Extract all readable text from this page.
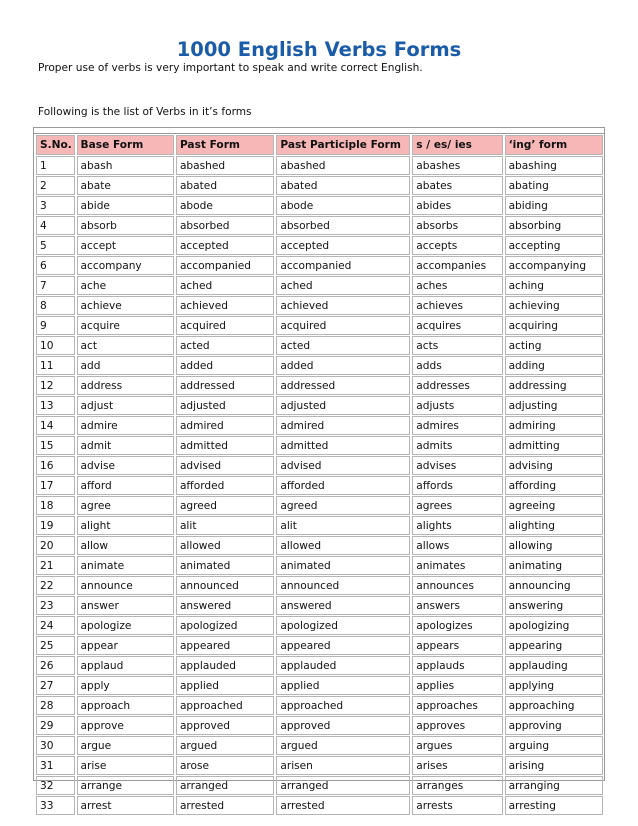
1000 English Verbs Forms
Proper use of verbs is very important to speak and write correct English.
Following is the list of Verbs in it’s forms
S.No.	Base Form	Past Form	Past Participle Form	s / es/ ies	‘ing’ form
1	abash	abashed	abashed	abashes	abashing
2	abate	abated	abated	abates	abating
3	abide	abode	abode	abides	abiding
4	absorb	absorbed	absorbed	absorbs	absorbing
5	accept	accepted	accepted	accepts	accepting
6	accompany	accompanied	accompanied	accompanies	accompanying
7	ache	ached	ached	aches	aching
8	achieve	achieved	achieved	achieves	achieving
9	acquire	acquired	acquired	acquires	acquiring
10	act	acted	acted	acts	acting
11	add	added	added	adds	adding
12	address	addressed	addressed	addresses	addressing
13	adjust	adjusted	adjusted	adjusts	adjusting
14	admire	admired	admired	admires	admiring
15	admit	admitted	admitted	admits	admitting
16	advise	advised	advised	advises	advising
17	afford	afforded	afforded	affords	affording
18	agree	agreed	agreed	agrees	agreeing
19	alight	alit	alit	alights	alighting
20	allow	allowed	allowed	allows	allowing
21	animate	animated	animated	animates	animating
22	announce	announced	announced	announces	announcing
23	answer	answered	answered	answers	answering
24	apologize	apologized	apologized	apologizes	apologizing
25	appear	appeared	appeared	appears	appearing
26	applaud	applauded	applauded	applauds	applauding
27	apply	applied	applied	applies	applying
28	approach	approached	approached	approaches	approaching
29	approve	approved	approved	approves	approving
30	argue	argued	argued	argues	arguing
31	arise	arose	arisen	arises	arising
32	arrange	arranged	arranged	arranges	arranging
33	arrest	arrested	arrested	arrests	arresting
